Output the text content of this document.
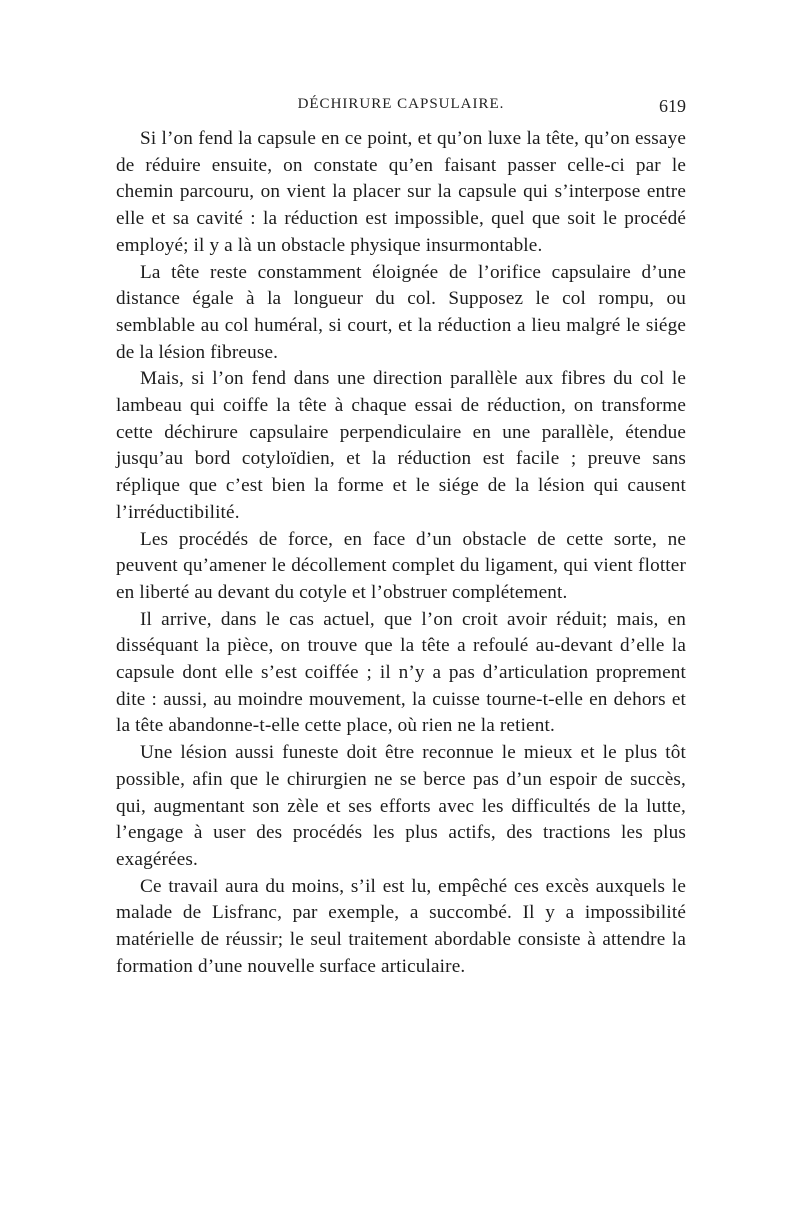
DÉCHIRURE CAPSULAIRE.	619

Si l’on fend la capsule en ce point, et qu’on luxe la tête, qu’on essaye de réduire ensuite, on constate qu’en faisant passer celle-ci par le chemin parcouru, on vient la placer sur la capsule qui s’interpose entre elle et sa cavité : la réduction est impossible, quel que soit le procédé employé; il y a là un obstacle physique insurmontable.

La tête reste constamment éloignée de l’orifice capsulaire d’une distance égale à la longueur du col. Supposez le col rompu, ou semblable au col huméral, si court, et la réduction a lieu malgré le siége de la lésion fibreuse.

Mais, si l’on fend dans une direction parallèle aux fibres du col le lambeau qui coiffe la tête à chaque essai de réduction, on transforme cette déchirure capsulaire perpendiculaire en une parallèle, étendue jusqu’au bord cotyloïdien, et la réduction est facile ; preuve sans réplique que c’est bien la forme et le siége de la lésion qui causent l’irréductibilité.

Les procédés de force, en face d’un obstacle de cette sorte, ne peuvent qu’amener le décollement complet du ligament, qui vient flotter en liberté au devant du cotyle et l’obstruer complétement.

Il arrive, dans le cas actuel, que l’on croit avoir réduit; mais, en disséquant la pièce, on trouve que la tête a refoulé au-devant d’elle la capsule dont elle s’est coiffée ; il n’y a pas d’articulation proprement dite : aussi, au moindre mouvement, la cuisse tourne-t-elle en dehors et la tête abandonne-t-elle cette place, où rien ne la retient.

Une lésion aussi funeste doit être reconnue le mieux et le plus tôt possible, afin que le chirurgien ne se berce pas d’un espoir de succès, qui, augmentant son zèle et ses efforts avec les difficultés de la lutte, l’engage à user des procédés les plus actifs, des tractions les plus exagérées.

Ce travail aura du moins, s’il est lu, empêché ces excès auxquels le malade de Lisfranc, par exemple, a succombé. Il y a impossibilité matérielle de réussir; le seul traitement abordable consiste à attendre la formation d’une nouvelle surface articulaire.
